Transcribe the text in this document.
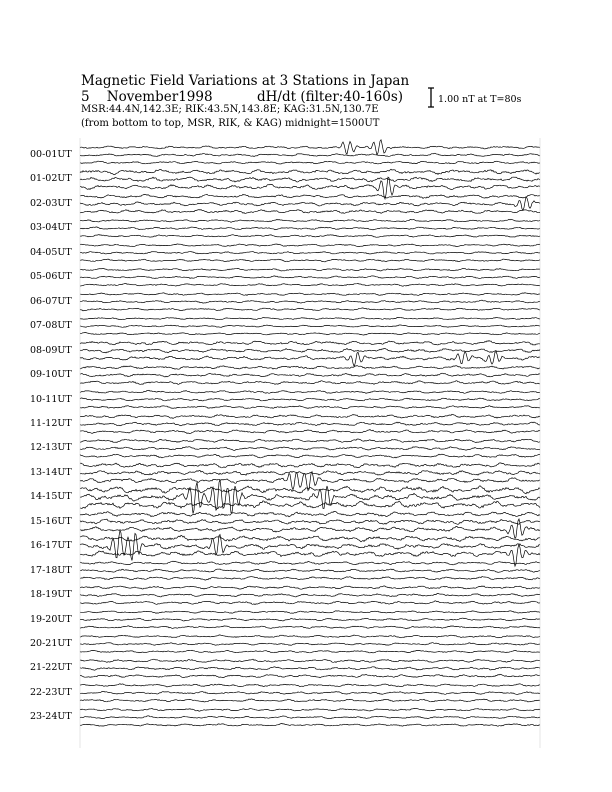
Magnetic Field Variations at 3 Stations in Japan

5    November1998

	dH/dt (filter:40-160s)

MSR:44.4N,142.3E; RIK:43.5N,143.8E; KAG:31.5N,130.7E
(from bottom to top, MSR, RIK, & KAG) midnight=1500UT
1.00 nT at T=80s
00-01UT
01-02UT
02-03UT
03-04UT
04-05UT
05-06UT
06-07UT
07-08UT
08-09UT
09-10UT
10-11UT
11-12UT
12-13UT
13-14UT
14-15UT
15-16UT
16-17UT
17-18UT
18-19UT
19-20UT
20-21UT
21-22UT
22-23UT
23-24UT
